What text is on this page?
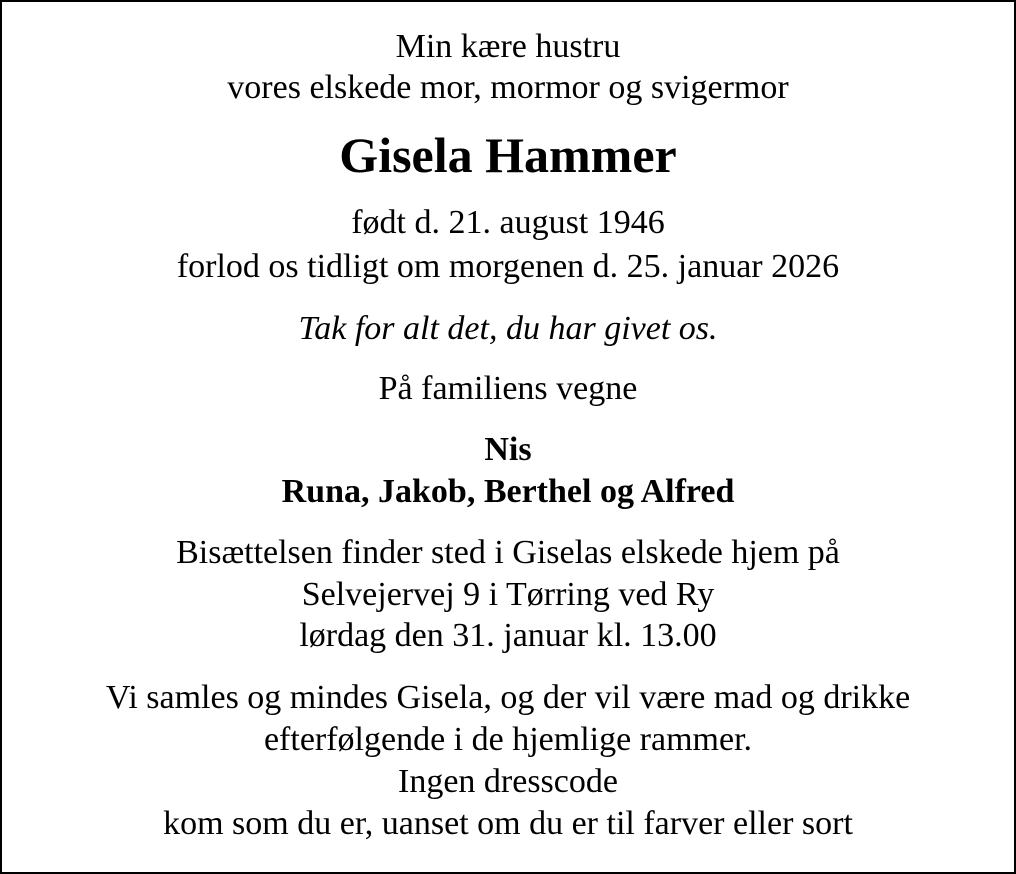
Min kære hustru
vores elskede mor, mormor og svigermor
Gisela Hammer
født d. 21. august 1946
forlod os tidligt om morgenen d. 25. januar 2026
Tak for alt det, du har givet os.
På familiens vegne
Nis
Runa, Jakob, Berthel og Alfred
Bisættelsen finder sted i Giselas elskede hjem på
Selvejervej 9 i Tørring ved Ry
lørdag den 31. januar kl. 13.00
Vi samles og mindes Gisela, og der vil være mad og drikke
efterfølgende i de hjemlige rammer.
Ingen dresscode
kom som du er, uanset om du er til farver eller sort
